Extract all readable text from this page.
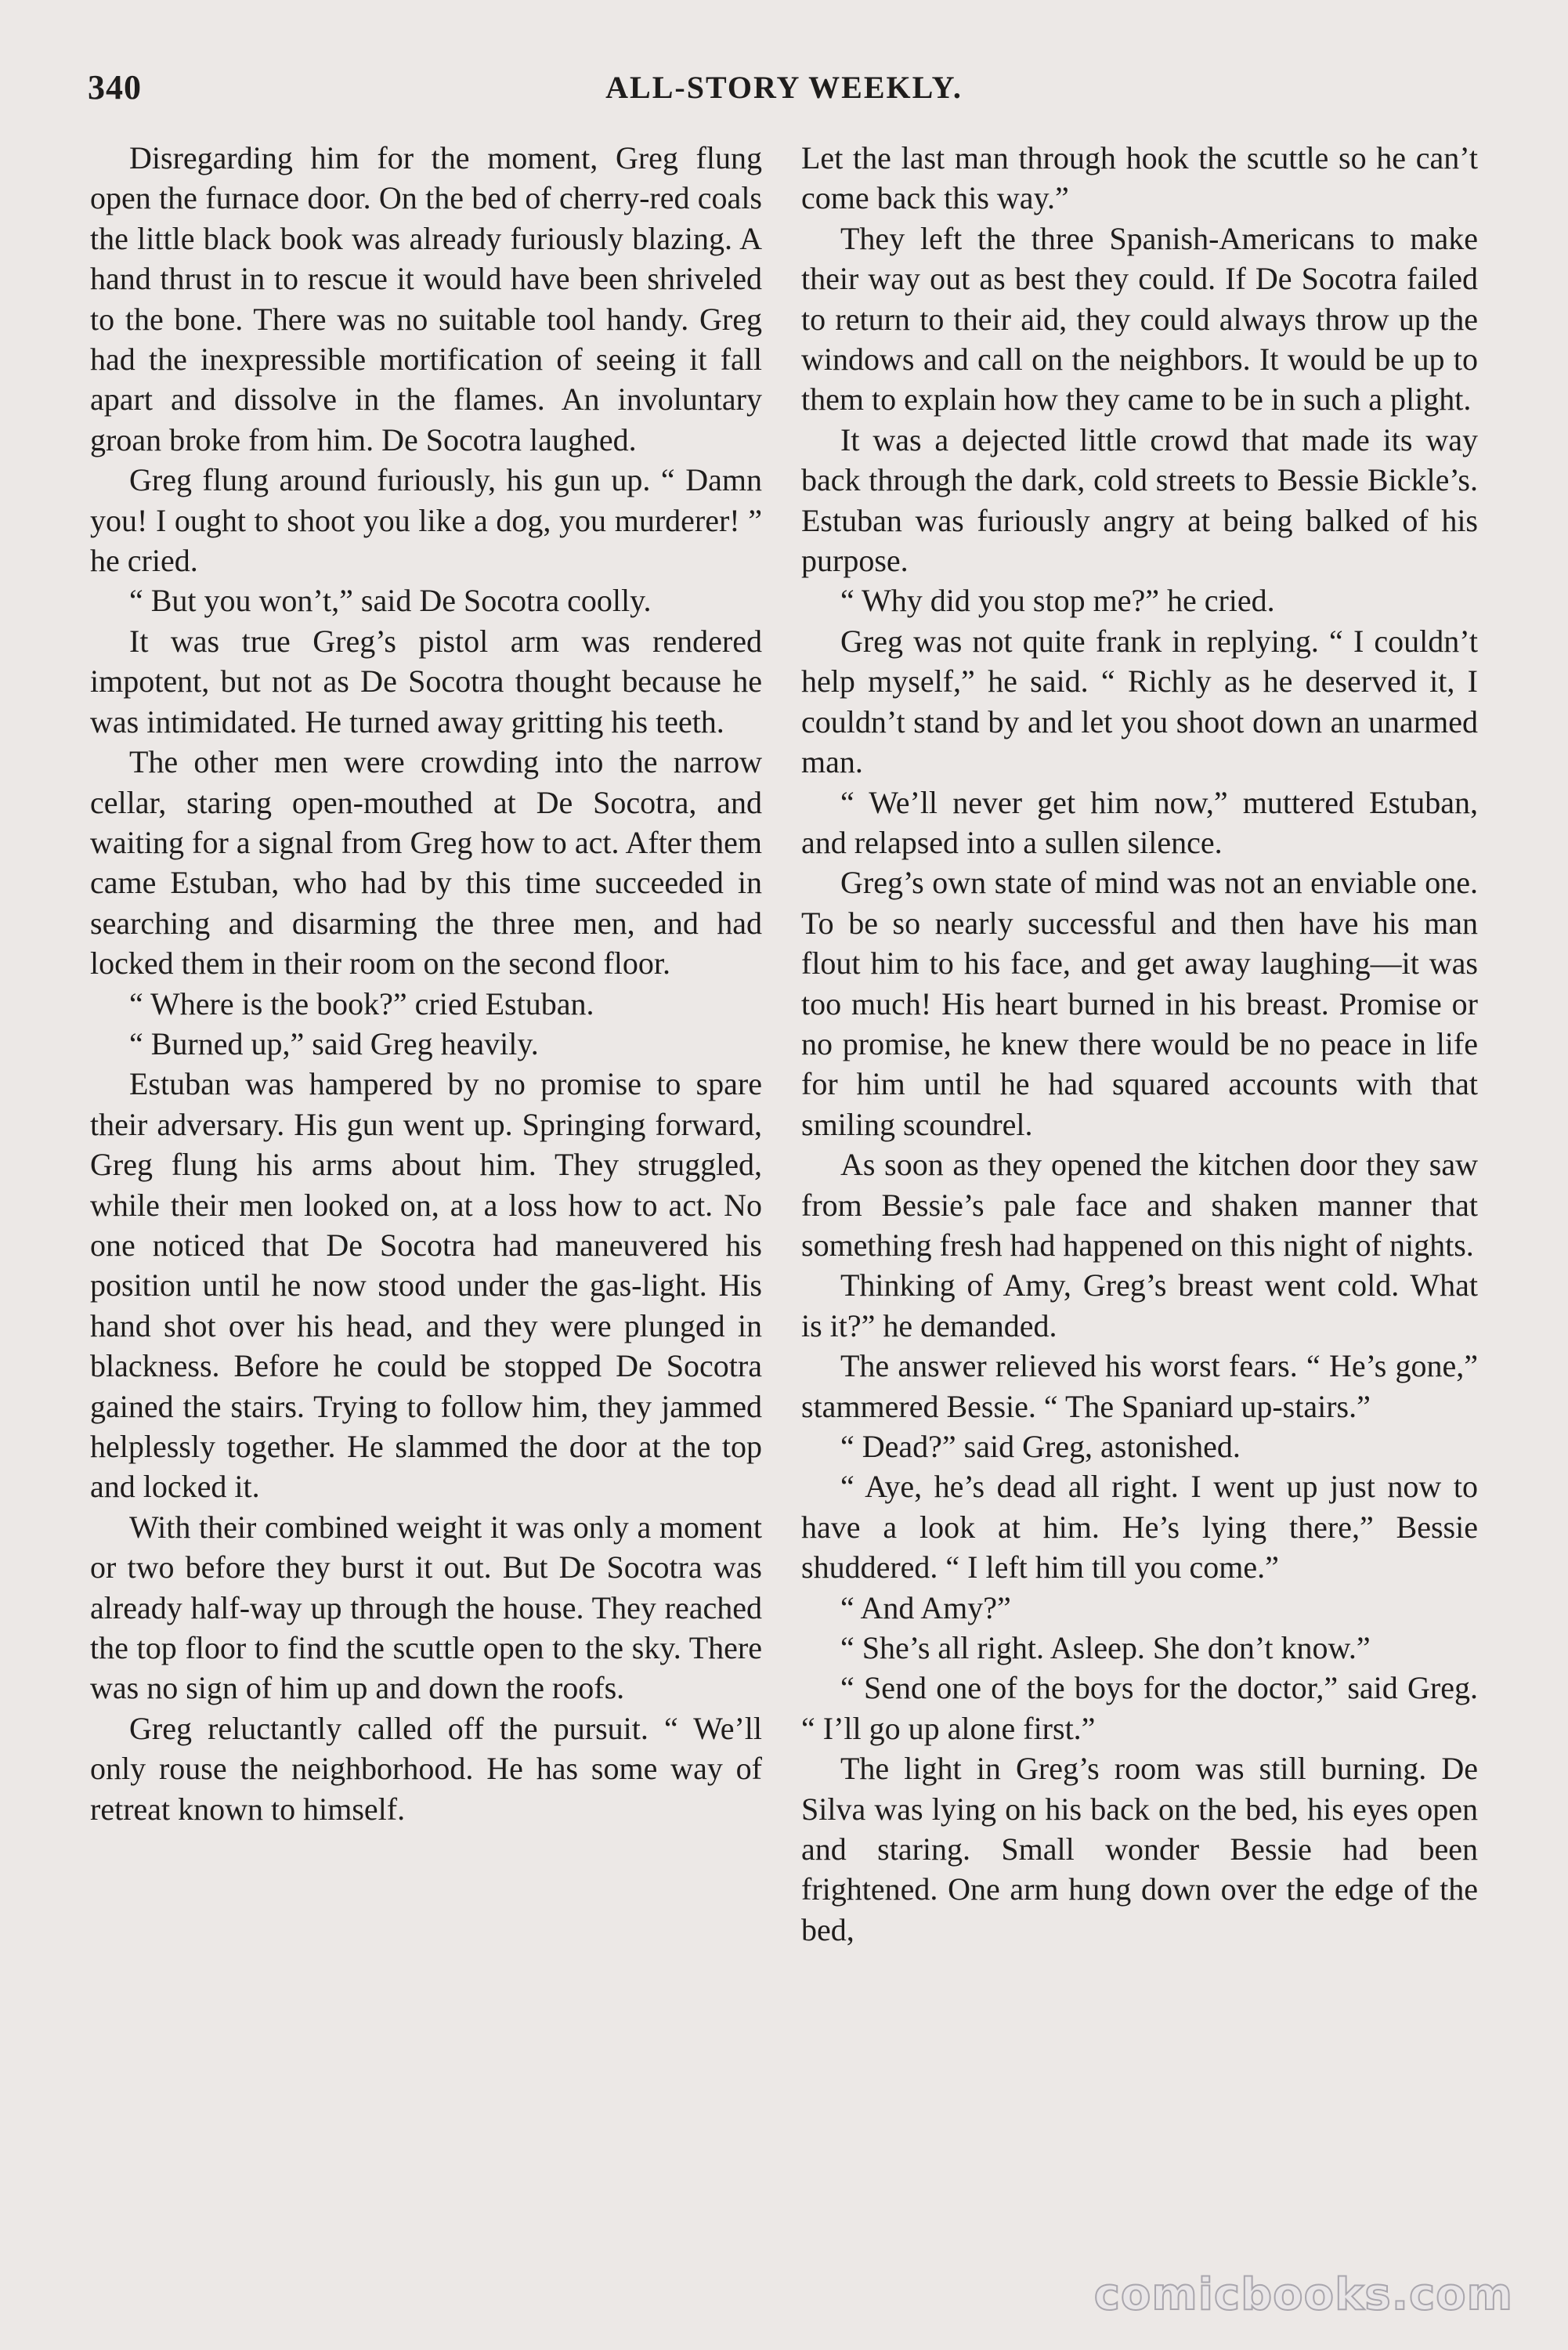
340	ALL-STORY WEEKLY.

Disregarding him for the moment, Greg flung open the furnace door. On the bed of cherry-red coals the little black book was already furiously blazing. A hand thrust in to rescue it would have been shriveled to the bone. There was no suitable tool handy. Greg had the inexpressible mortification of seeing it fall apart and dissolve in the flames. An involuntary groan broke from him. De Socotra laughed.

Greg flung around furiously, his gun up. “ Damn you! I ought to shoot you like a dog, you murderer! ” he cried.

“ But you won’t,” said De Socotra coolly.

It was true Greg’s pistol arm was rendered impotent, but not as De Socotra thought because he was intimidated. He turned away gritting his teeth.

The other men were crowding into the narrow cellar, staring open-mouthed at De Socotra, and waiting for a signal from Greg how to act. After them came Estuban, who had by this time succeeded in searching and disarming the three men, and had locked them in their room on the second floor.

“ Where is the book?” cried Estuban.

“ Burned up,” said Greg heavily.

Estuban was hampered by no promise to spare their adversary. His gun went up. Springing forward, Greg flung his arms about him. They struggled, while their men looked on, at a loss how to act. No one noticed that De Socotra had maneuvered his position until he now stood under the gas-light. His hand shot over his head, and they were plunged in blackness. Before he could be stopped De Socotra gained the stairs. Trying to follow him, they jammed helplessly together. He slammed the door at the top and locked it.

With their combined weight it was only a moment or two before they burst it out. But De Socotra was already half-way up through the house. They reached the top floor to find the scuttle open to the sky. There was no sign of him up and down the roofs.

Greg reluctantly called off the pursuit. “ We’ll only rouse the neighborhood. He has some way of retreat known to himself.

Let the last man through hook the scuttle so he can’t come back this way.”

They left the three Spanish-Americans to make their way out as best they could. If De Socotra failed to return to their aid, they could always throw up the windows and call on the neighbors. It would be up to them to explain how they came to be in such a plight.

It was a dejected little crowd that made its way back through the dark, cold streets to Bessie Bickle’s. Estuban was furiously angry at being balked of his purpose.

“ Why did you stop me?” he cried.

Greg was not quite frank in replying. “ I couldn’t help myself,” he said. “ Richly as he deserved it, I couldn’t stand by and let you shoot down an unarmed man.

“ We’ll never get him now,” muttered Estuban, and relapsed into a sullen silence.

Greg’s own state of mind was not an enviable one. To be so nearly successful and then have his man flout him to his face, and get away laughing—it was too much! His heart burned in his breast. Promise or no promise, he knew there would be no peace in life for him until he had squared accounts with that smiling scoundrel.

As soon as they opened the kitchen door they saw from Bessie’s pale face and shaken manner that something fresh had happened on this night of nights.

Thinking of Amy, Greg’s breast went cold. What is it?” he demanded.

The answer relieved his worst fears. “ He’s gone,” stammered Bessie. “ The Spaniard up-stairs.”

“ Dead?” said Greg, astonished.

“ Aye, he’s dead all right. I went up just now to have a look at him. He’s lying there,” Bessie shuddered. “ I left him till you come.”

“ And Amy?”

“ She’s all right. Asleep. She don’t know.”

“ Send one of the boys for the doctor,” said Greg. “ I’ll go up alone first.”

The light in Greg’s room was still burning. De Silva was lying on his back on the bed, his eyes open and staring. Small wonder Bessie had been frightened. One arm hung down over the edge of the bed,

comicbooks.com
